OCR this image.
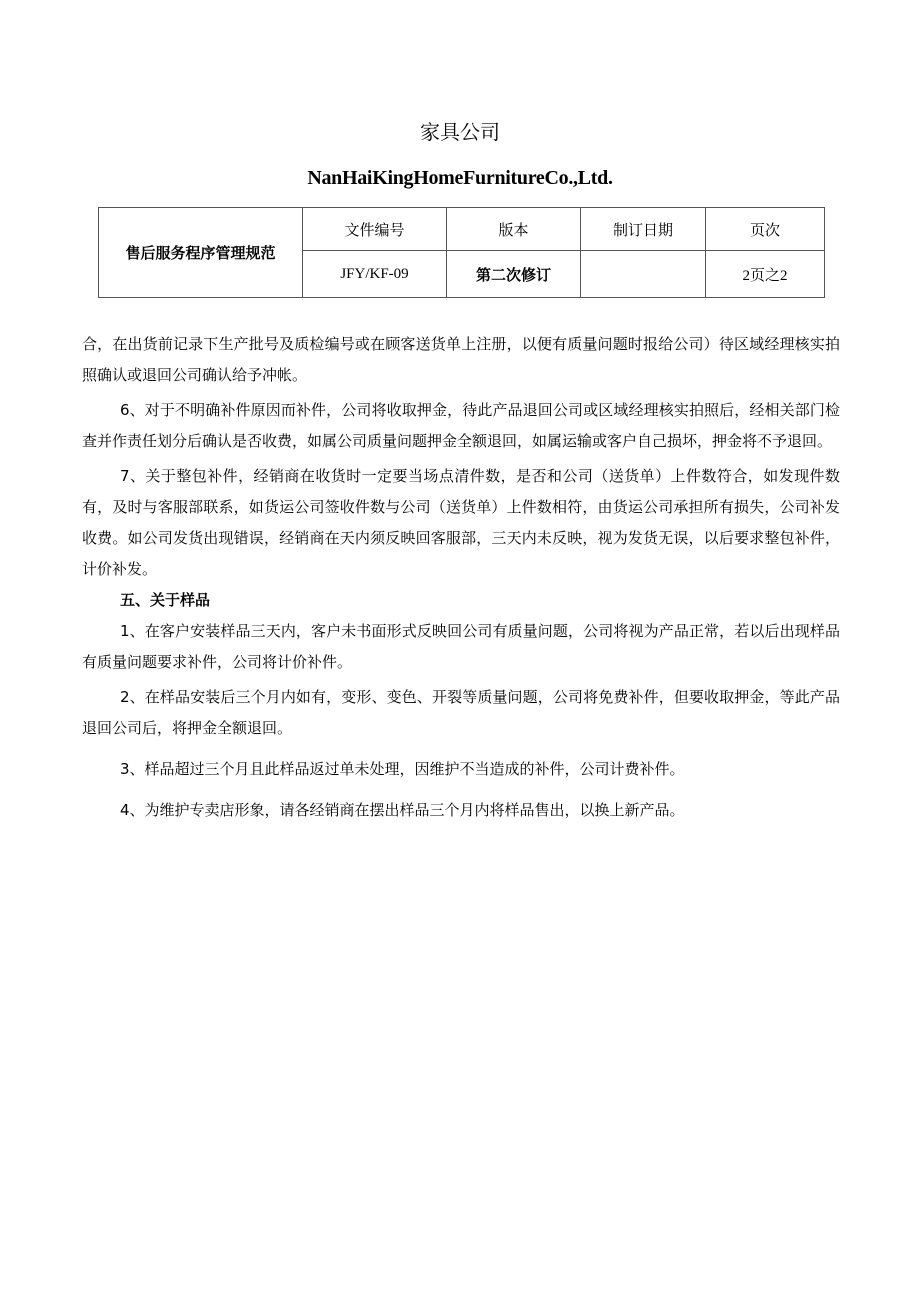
家具公司
NanHaiKingHomeFurnitureCo.,Ltd.
售后服务程序管理规范	文件编号	版本	制订日期	页次
	JFY/KF-09	第二次修订		2页之2

合，在出货前记录下生产批号及质检编号或在顾客送货单上注册，以便有质量问题时报给公司）待区域经理核实拍照确认或退回公司确认给予冲帐。

6、对于不明确补件原因而补件，公司将收取押金，待此产品退回公司或区域经理核实拍照后，经相关部门检查并作责任划分后确认是否收费，如属公司质量问题押金全额退回，如属运输或客户自己损坏，押金将不予退回。

7、关于整包补件，经销商在收货时一定要当场点清件数，是否和公司（送货单）上件数符合，如发现件数有，及时与客服部联系，如货运公司签收件数与公司（送货单）上件数相符，由货运公司承担所有损失，公司补发收费。如公司发货出现错误，经销商在天内须反映回客服部，三天内未反映，视为发货无误，以后要求整包补件，计价补发。

五、关于样品

1、在客户安装样品三天内，客户未书面形式反映回公司有质量问题，公司将视为产品正常，若以后出现样品有质量问题要求补件，公司将计价补件。

2、在样品安装后三个月内如有，变形、变色、开裂等质量问题，公司将免费补件，但要收取押金，等此产品退回公司后，将押金全额退回。

3、样品超过三个月且此样品返过单未处理，因维护不当造成的补件，公司计费补件。

4、为维护专卖店形象，请各经销商在摆出样品三个月内将样品售出，以换上新产品。
